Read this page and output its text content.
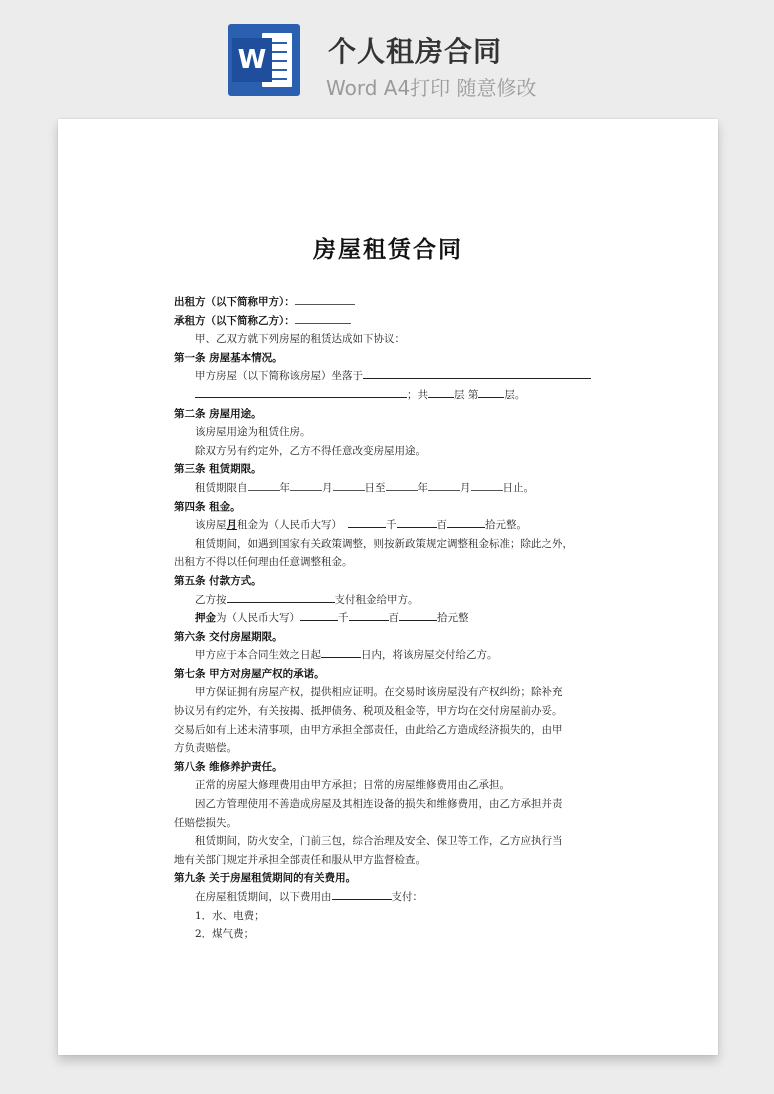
W 个人租房合同
Word A4打印 随意修改
房屋租赁合同
出租方（以下简称甲方）：
承租方（以下简称乙方）：
甲、乙双方就下列房屋的租赁达成如下协议：
第一条 房屋基本情况。
甲方房屋（以下简称该房屋）坐落于
；共 层 第 层。
第二条 房屋用途。
该房屋用途为租赁住房。
除双方另有约定外，乙方不得任意改变房屋用途。
第三条 租赁期限。
租赁期限自	年	月	日至	年	月	日止。
第四条 租金。
该房屋月租金为（人民币大写）	千	百	拾元整。
租赁期间，如遇到国家有关政策调整，则按新政策规定调整租金标准；除此之外，
出租方不得以任何理由任意调整租金。
第五条 付款方式。
乙方按	支付租金给甲方。
押金为（人民币大写）	千	百	拾元整
第六条 交付房屋期限。
甲方应于本合同生效之日起	日内，将该房屋交付给乙方。
第七条 甲方对房屋产权的承诺。
甲方保证拥有房屋产权，提供相应证明。在交易时该房屋没有产权纠纷；除补充
协议另有约定外，有关按揭、抵押债务、税项及租金等，甲方均在交付房屋前办妥。
交易后如有上述未清事项，由甲方承担全部责任，由此给乙方造成经济损失的，由甲
方负责赔偿。
第八条 维修养护责任。
正常的房屋大修理费用由甲方承担；日常的房屋维修费用由乙承担。
因乙方管理使用不善造成房屋及其相连设备的损失和维修费用，由乙方承担并责
任赔偿损失。
租赁期间，防火安全，门前三包，综合治理及安全、保卫等工作，乙方应执行当
地有关部门规定并承担全部责任和服从甲方监督检查。
第九条 关于房屋租赁期间的有关费用。
在房屋租赁期间，以下费用由	支付：
1．水、电费；
2．煤气费；
